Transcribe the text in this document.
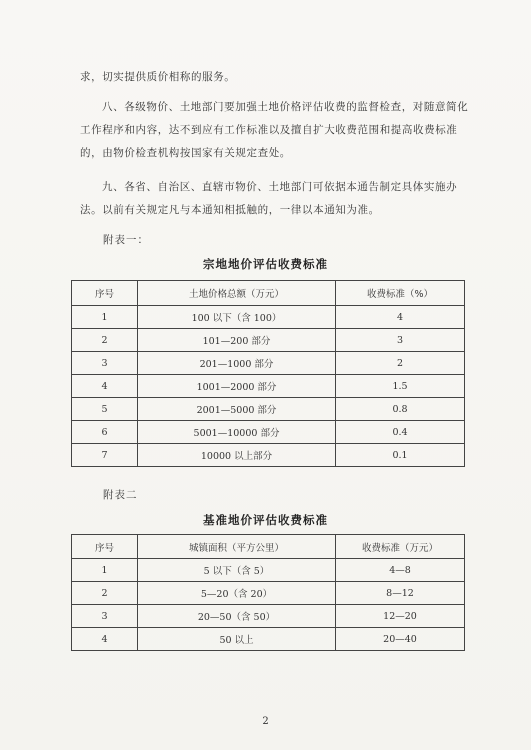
求，切实提供质价相称的服务。

八、各级物价、土地部门要加强土地价格评估收费的监督检查，对随意简化工作程序和内容，达不到应有工作标准以及擅自扩大收费范围和提高收费标准的，由物价检查机构按国家有关规定查处。

九、各省、自治区、直辖市物价、土地部门可依据本通告制定具体实施办法。以前有关规定凡与本通知相抵触的，一律以本通知为准。

附表一：
宗地地价评估收费标准
序号	土地价格总额（万元）	收费标准（%）
1	100 以下（含 100）	4
2	101—200 部分	3
3	201—1000 部分	2
4	1001—2000 部分	1.5
5	2001—5000 部分	0.8
6	5001—10000 部分	0.4
7	10000 以上部分	0.1
附表二
基准地价评估收费标准
序号	城镇面积（平方公里）	收费标准（万元）
1	5 以下（含 5）	4—8
2	5—20（含 20）	8—12
3	20—50（含 50）	12—20
4	50 以上	20—40
2
